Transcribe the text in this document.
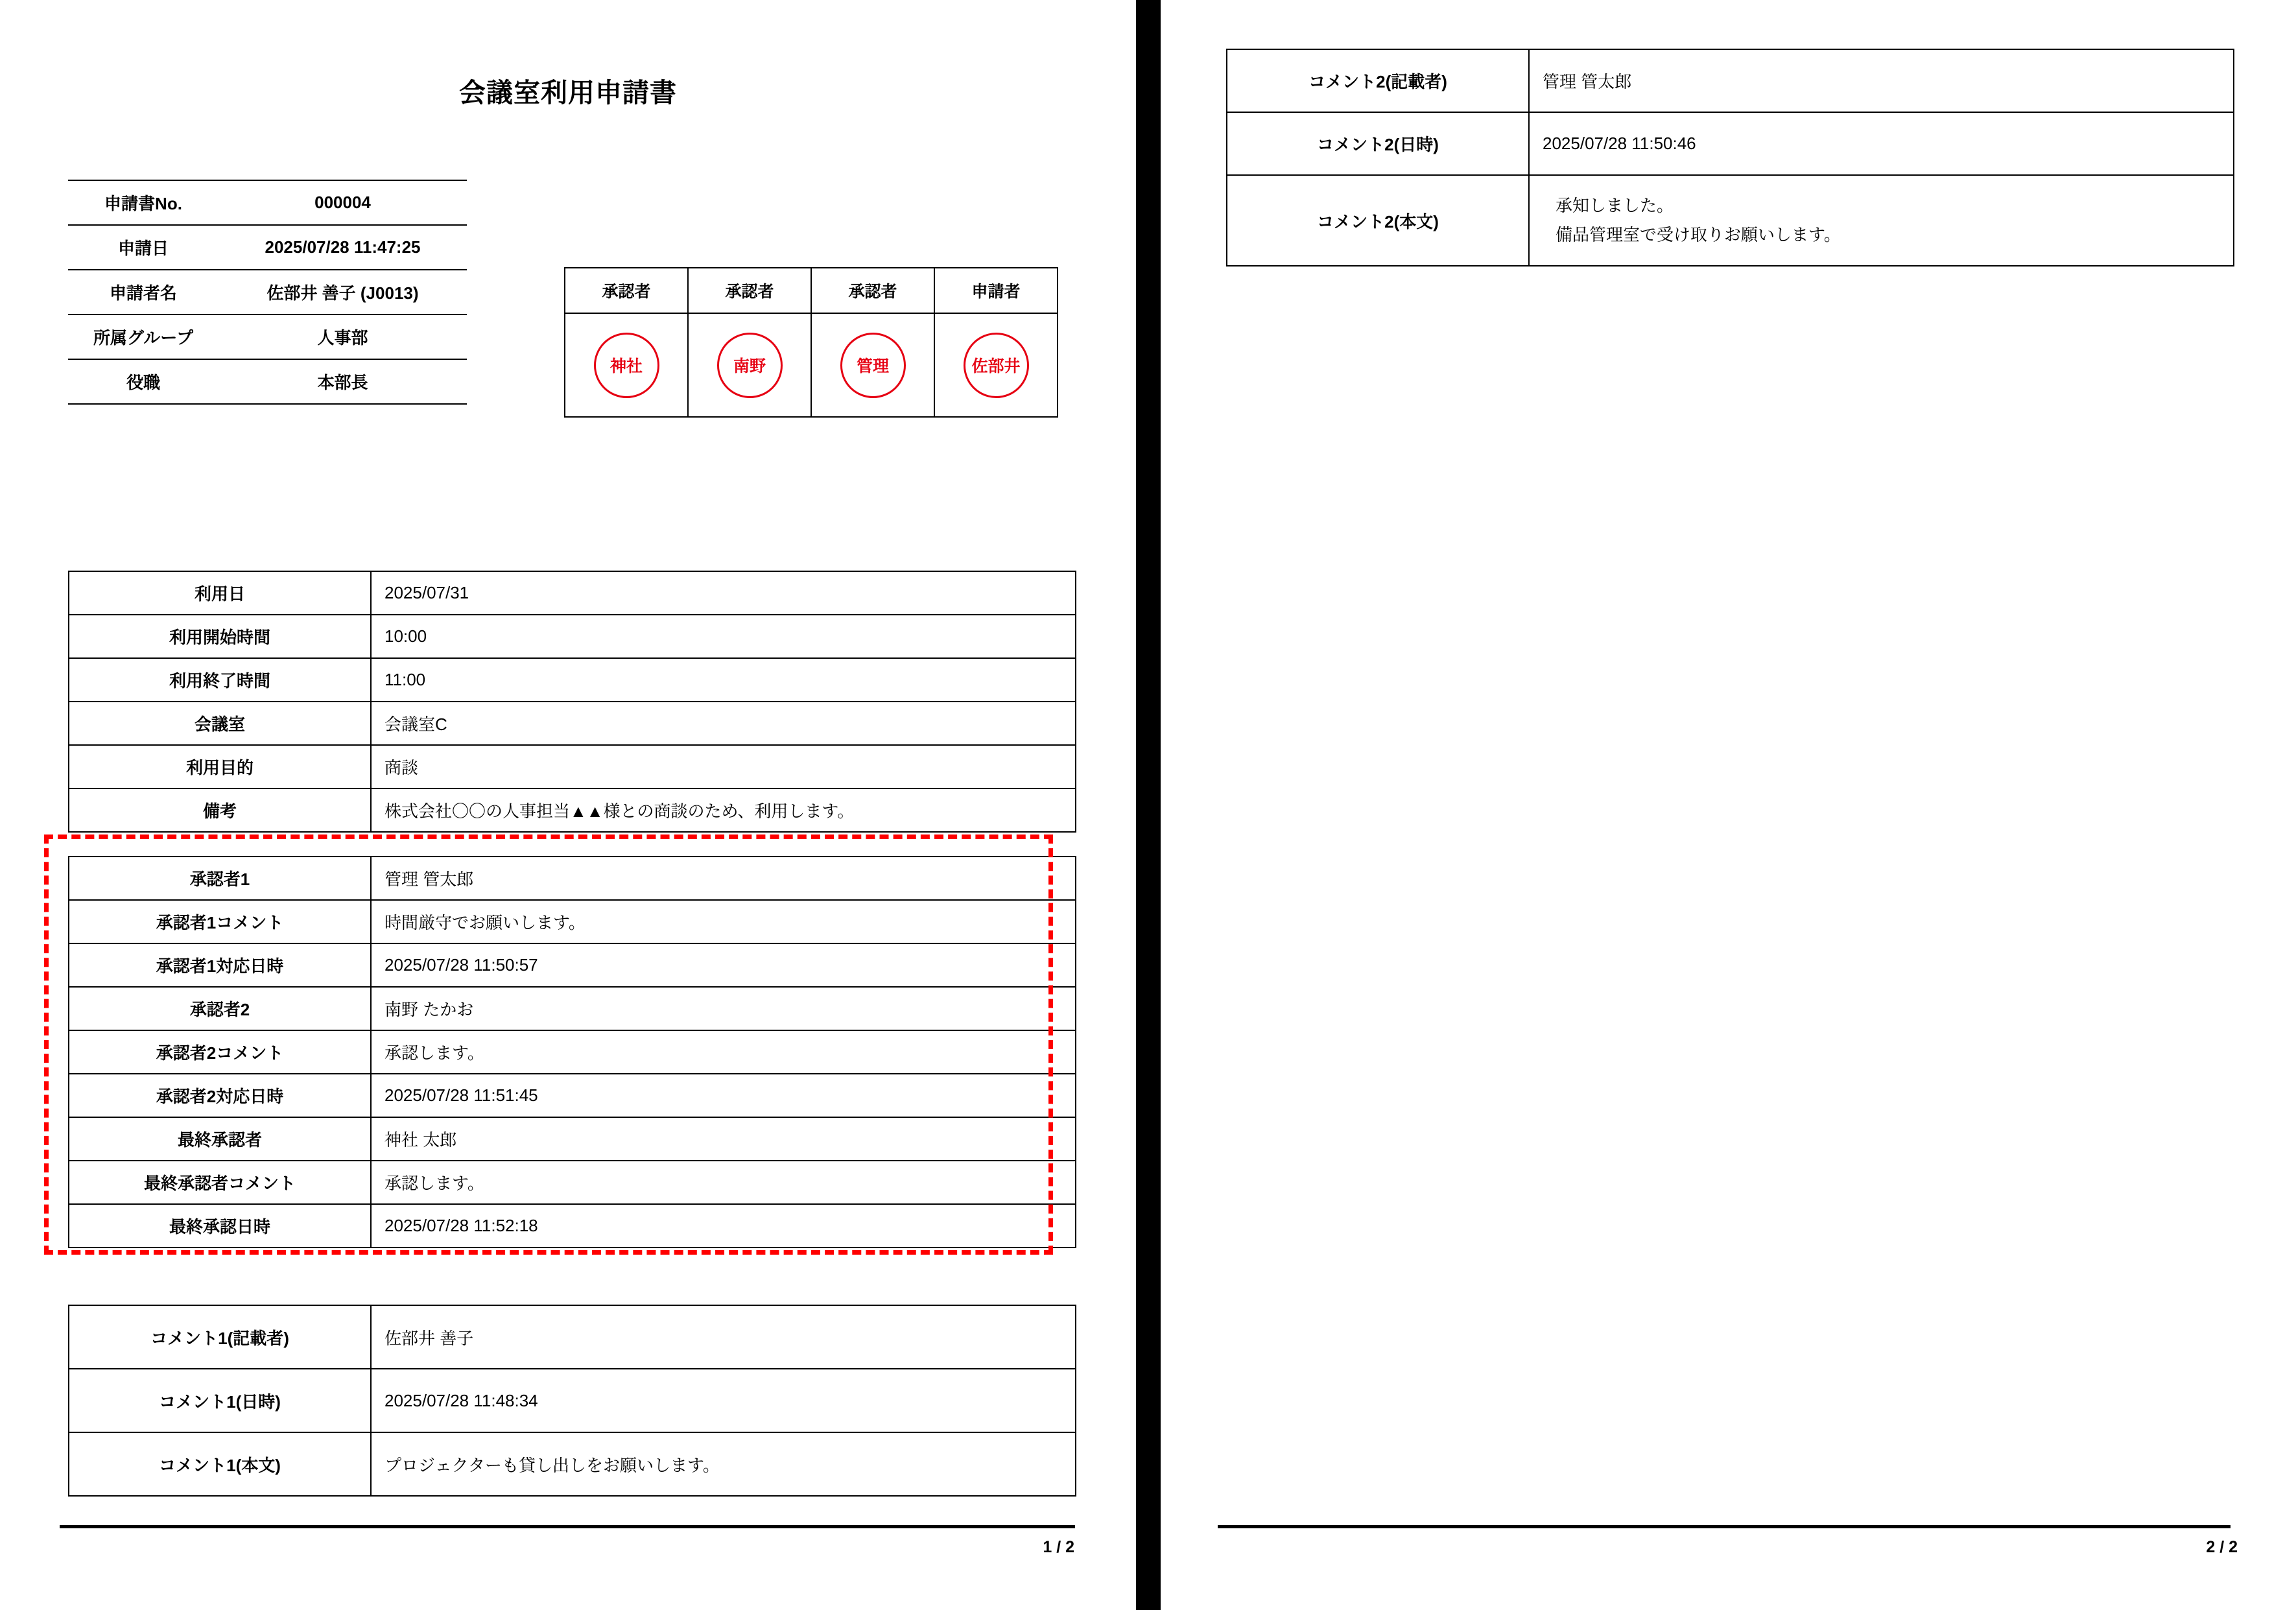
会議室利用申請書
申請書No.	000004
申請日	2025/07/28 11:47:25
申請者名	佐部井 善子 (J0013)
所属グループ	人事部
役職	本部長
承認者	承認者	承認者	申請者

神社	南野	管理	佐部井
利用日	2025/07/31
利用開始時間	10:00
利用終了時間	11:00
会議室	会議室C
利用目的	商談
備考	株式会社〇〇の人事担当▲▲様との商談のため、利用します。
承認者1	管理 管太郎
承認者1コメント	時間厳守でお願いします。
承認者1対応日時	2025/07/28 11:50:57
承認者2	南野 たかお
承認者2コメント	承認します。
承認者2対応日時	2025/07/28 11:51:45
最終承認者	神社 太郎
最終承認者コメント	承認します。
最終承認日時	2025/07/28 11:52:18
コメント1(記載者)	佐部井 善子
コメント1(日時)	2025/07/28 11:48:34
コメント1(本文)	プロジェクターも貸し出しをお願いします。
1 / 2
コメント2(記載者)	管理 管太郎
コメント2(日時)	2025/07/28 11:50:46
コメント2(本文)	承知しました。
備品管理室で受け取りお願いします。
2 / 2
